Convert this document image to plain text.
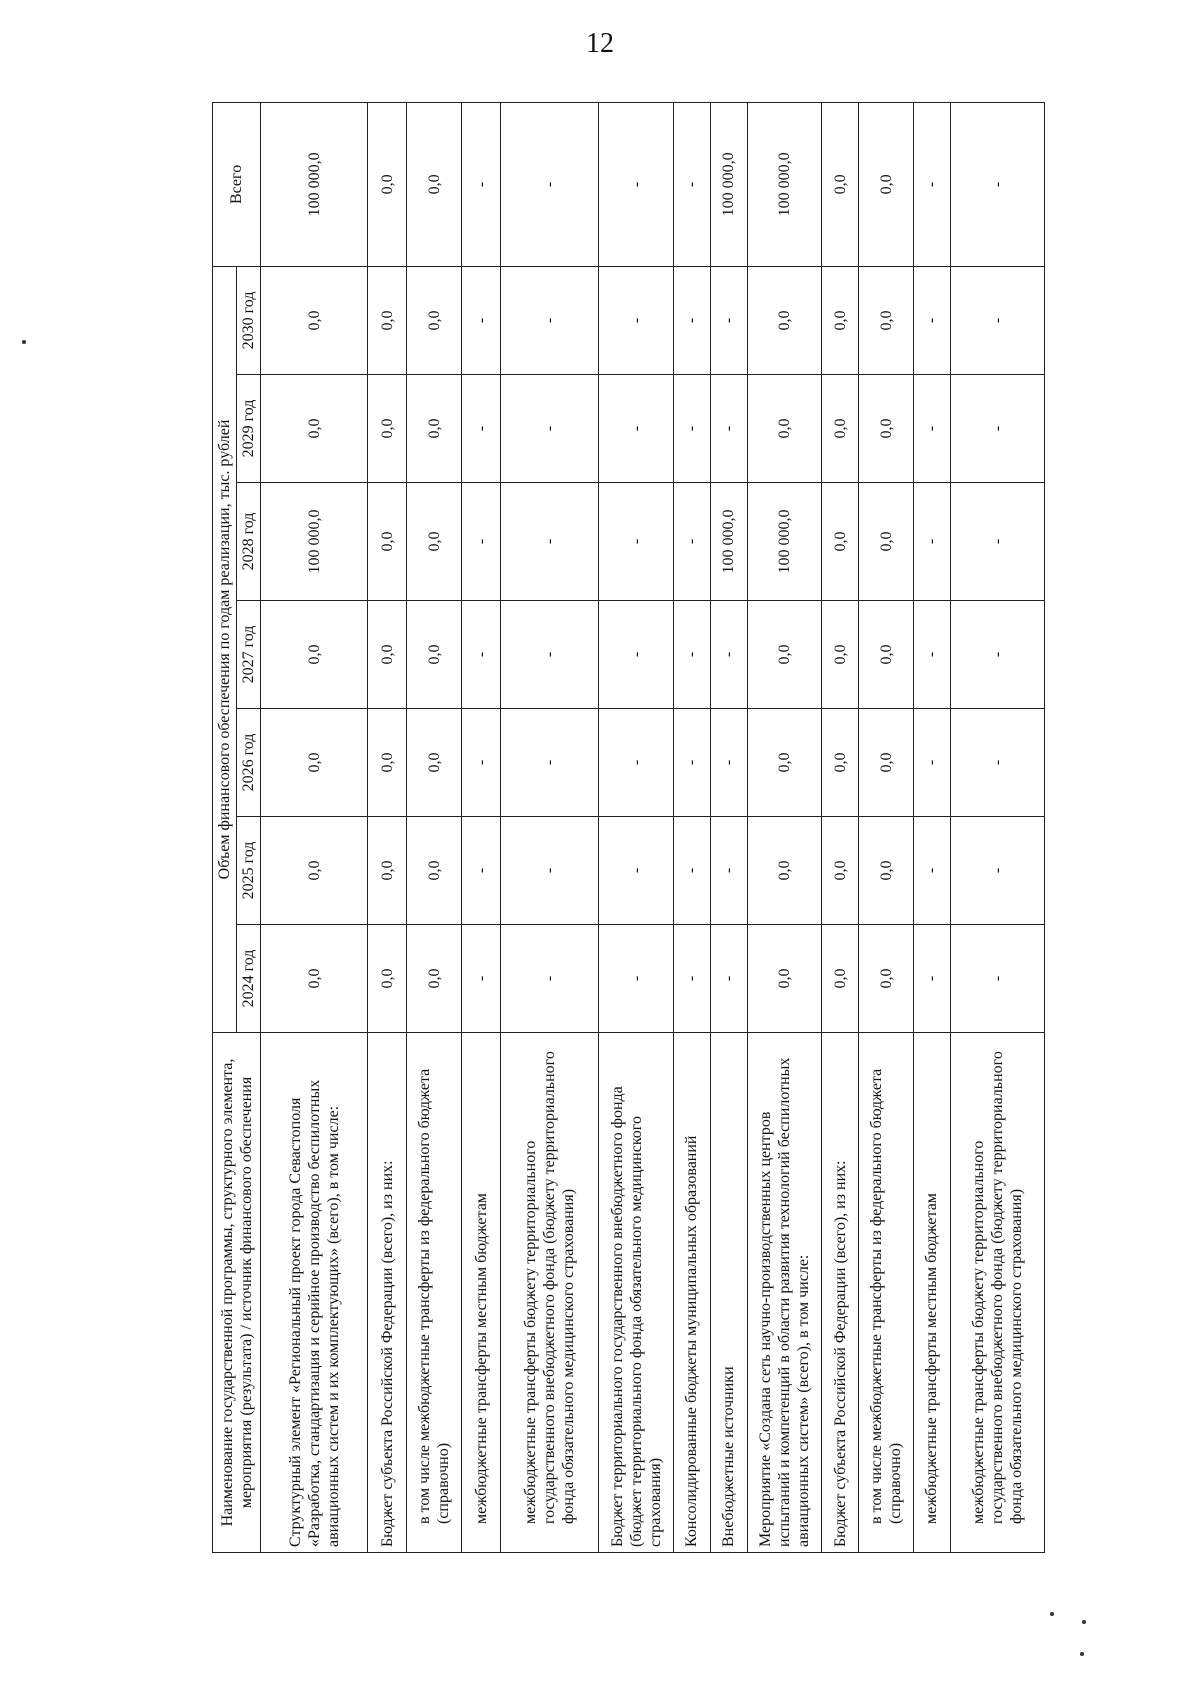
12
Наименование государственной программы, структурного элемента, мероприятия (результата) / источник финансового обеспечения	Объем финансового обеспечения по годам реализации, тыс. рублей							Всего
	2024 год	2025 год	2026 год	2027 год	2028 год	2029 год	2030 год	
Структурный элемент «Региональный проект города Севастополя «Разработка, стандартизация и серийное производство беспилотных авиационных систем и их комплектующих» (всего), в том числе:	0,0	0,0	0,0	0,0	100 000,0	0,0	0,0	100 000,0
Бюджет субъекта Российской Федерации (всего), из них:	0,0	0,0	0,0	0,0	0,0	0,0	0,0	0,0
в том числе межбюджетные трансферты из федерального бюджета (справочно)	0,0	0,0	0,0	0,0	0,0	0,0	0,0	0,0
межбюджетные трансферты местным бюджетам	-	-	-	-	-	-	-	-
межбюджетные трансферты бюджету территориального государственного внебюджетного фонда (бюджету территориального фонда обязательного медицинского страхования)	-	-	-	-	-	-	-	-
Бюджет территориального государственного внебюджетного фонда (бюджет территориального фонда обязательного медицинского страхования)	-	-	-	-	-	-	-	-
Консолидированные бюджеты муниципальных образований	-	-	-	-	-	-	-	-
Внебюджетные источники	-	-	-	-	100 000,0	-	-	100 000,0
Мероприятие «Создана сеть научно-производственных центров испытаний и компетенций в области развития технологий беспилотных авиационных систем» (всего), в том числе:	0,0	0,0	0,0	0,0	100 000,0	0,0	0,0	100 000,0
Бюджет субъекта Российской Федерации (всего), из них:	0,0	0,0	0,0	0,0	0,0	0,0	0,0	0,0
в том числе межбюджетные трансферты из федерального бюджета (справочно)	0,0	0,0	0,0	0,0	0,0	0,0	0,0	0,0
межбюджетные трансферты местным бюджетам	-	-	-	-	-	-	-	-
межбюджетные трансферты бюджету территориального государственного внебюджетного фонда (бюджету территориального фонда обязательного медицинского страхования)	-	-	-	-	-	-	-	-
